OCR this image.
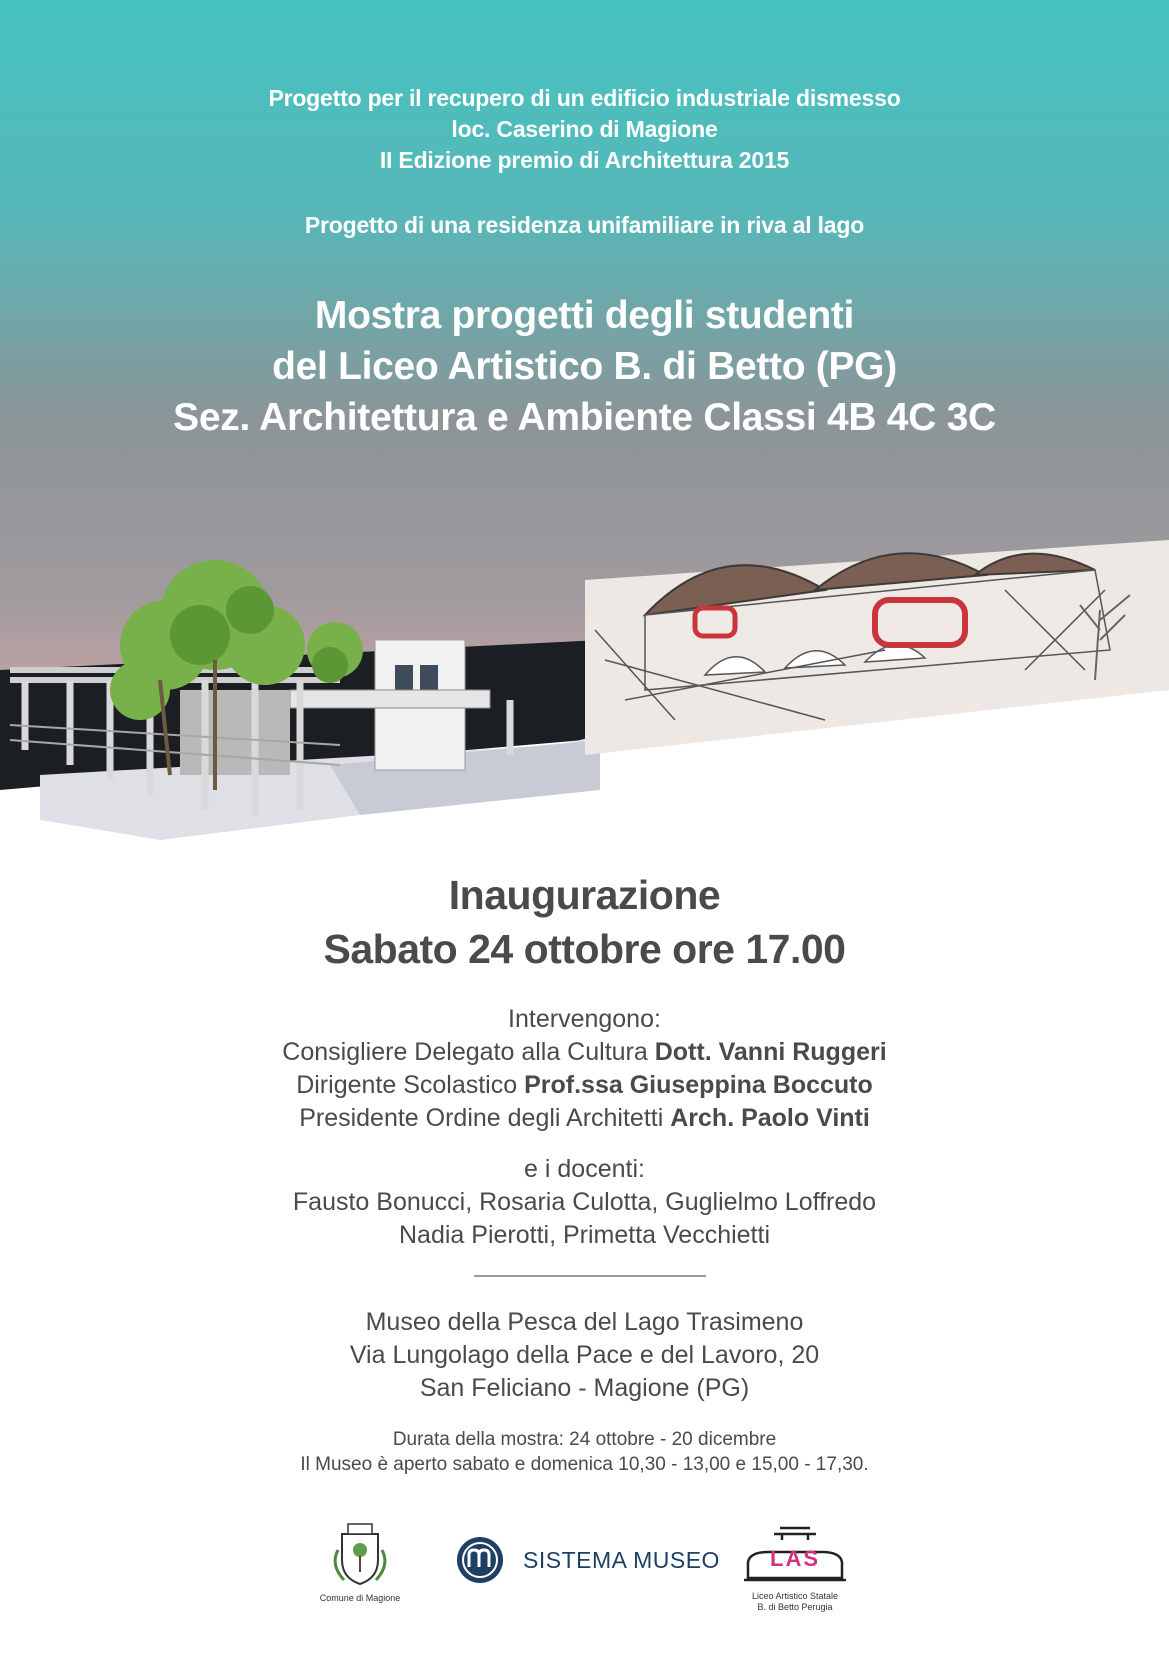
Progetto per il recupero di un edificio industriale dismesso
loc. Caserino di Magione
II Edizione premio di Architettura 2015
Progetto di una residenza unifamiliare in riva al lago
Mostra progetti degli studenti
del Liceo Artistico B. di Betto (PG)
Sez. Architettura e Ambiente Classi 4B 4C 3C
Inaugurazione
Sabato 24 ottobre ore 17.00
Intervengono:
Consigliere Delegato alla Cultura Dott. Vanni Ruggeri
Dirigente Scolastico Prof.ssa Giuseppina Boccuto
Presidente Ordine degli Architetti Arch. Paolo Vinti
e i docenti:
Fausto Bonucci, Rosaria Culotta, Guglielmo Loffredo
Nadia Pierotti, Primetta Vecchietti
Museo della Pesca del Lago Trasimeno
Via Lungolago della Pace e del Lavoro, 20
San Feliciano - Magione (PG)
Durata della mostra: 24 ottobre - 20 dicembre
Il Museo è aperto sabato e domenica 10,30 - 13,00 e 15,00 - 17,30.
Comune di Magione
SISTEMA MUSEO	LAS
Liceo Artistico Statale
B. di Betto Perugia
